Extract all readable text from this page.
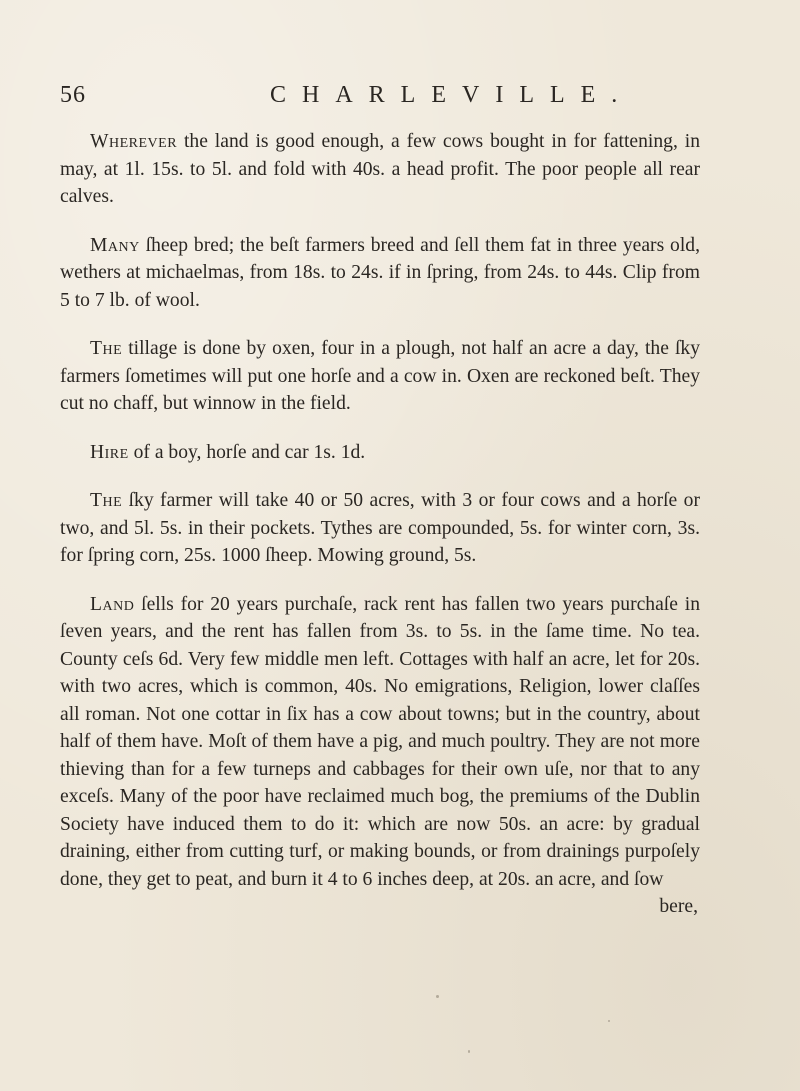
56	CHARLEVILLE.

Wherever the land is good enough, a few cows bought in for fattening, in may, at 1l. 15s. to 5l. and fold with 40s. a head profit. The poor people all rear calves.

Many ſheep bred; the beſt farmers breed and ſell them fat in three years old, wethers at michaelmas, from 18s. to 24s. if in ſpring, from 24s. to 44s. Clip from 5 to 7 lb. of wool.

The tillage is done by oxen, four in a plough, not half an acre a day, the ſky farmers ſometimes will put one horſe and a cow in. Oxen are reckoned beſt. They cut no chaff, but winnow in the field.

Hire of a boy, horſe and car 1s. 1d.

The ſky farmer will take 40 or 50 acres, with 3 or four cows and a horſe or two, and 5l. 5s. in their pockets. Tythes are compounded, 5s. for winter corn, 3s. for ſpring corn, 25s. 1000 ſheep. Mowing ground, 5s.

Land ſells for 20 years purchaſe, rack rent has fallen two years purchaſe in ſeven years, and the rent has fallen from 3s. to 5s. in the ſame time. No tea. County ceſs 6d. Very few middle men left. Cottages with half an acre, let for 20s. with two acres, which is common, 40s. No emigrations, Religion, lower claſſes all roman. Not one cottar in ſix has a cow about towns; but in the country, about half of them have. Moſt of them have a pig, and much poultry. They are not more thieving than for a few turneps and cabbages for their own uſe, nor that to any exceſs. Many of the poor have reclaimed much bog, the premiums of the Dublin Society have induced them to do it: which are now 50s. an acre: by gradual draining, either from cutting turf, or making bounds, or from drainings purpoſely done, they get to peat, and burn it 4 to 6 inches deep, at 20s. an acre, and ſow

bere,
